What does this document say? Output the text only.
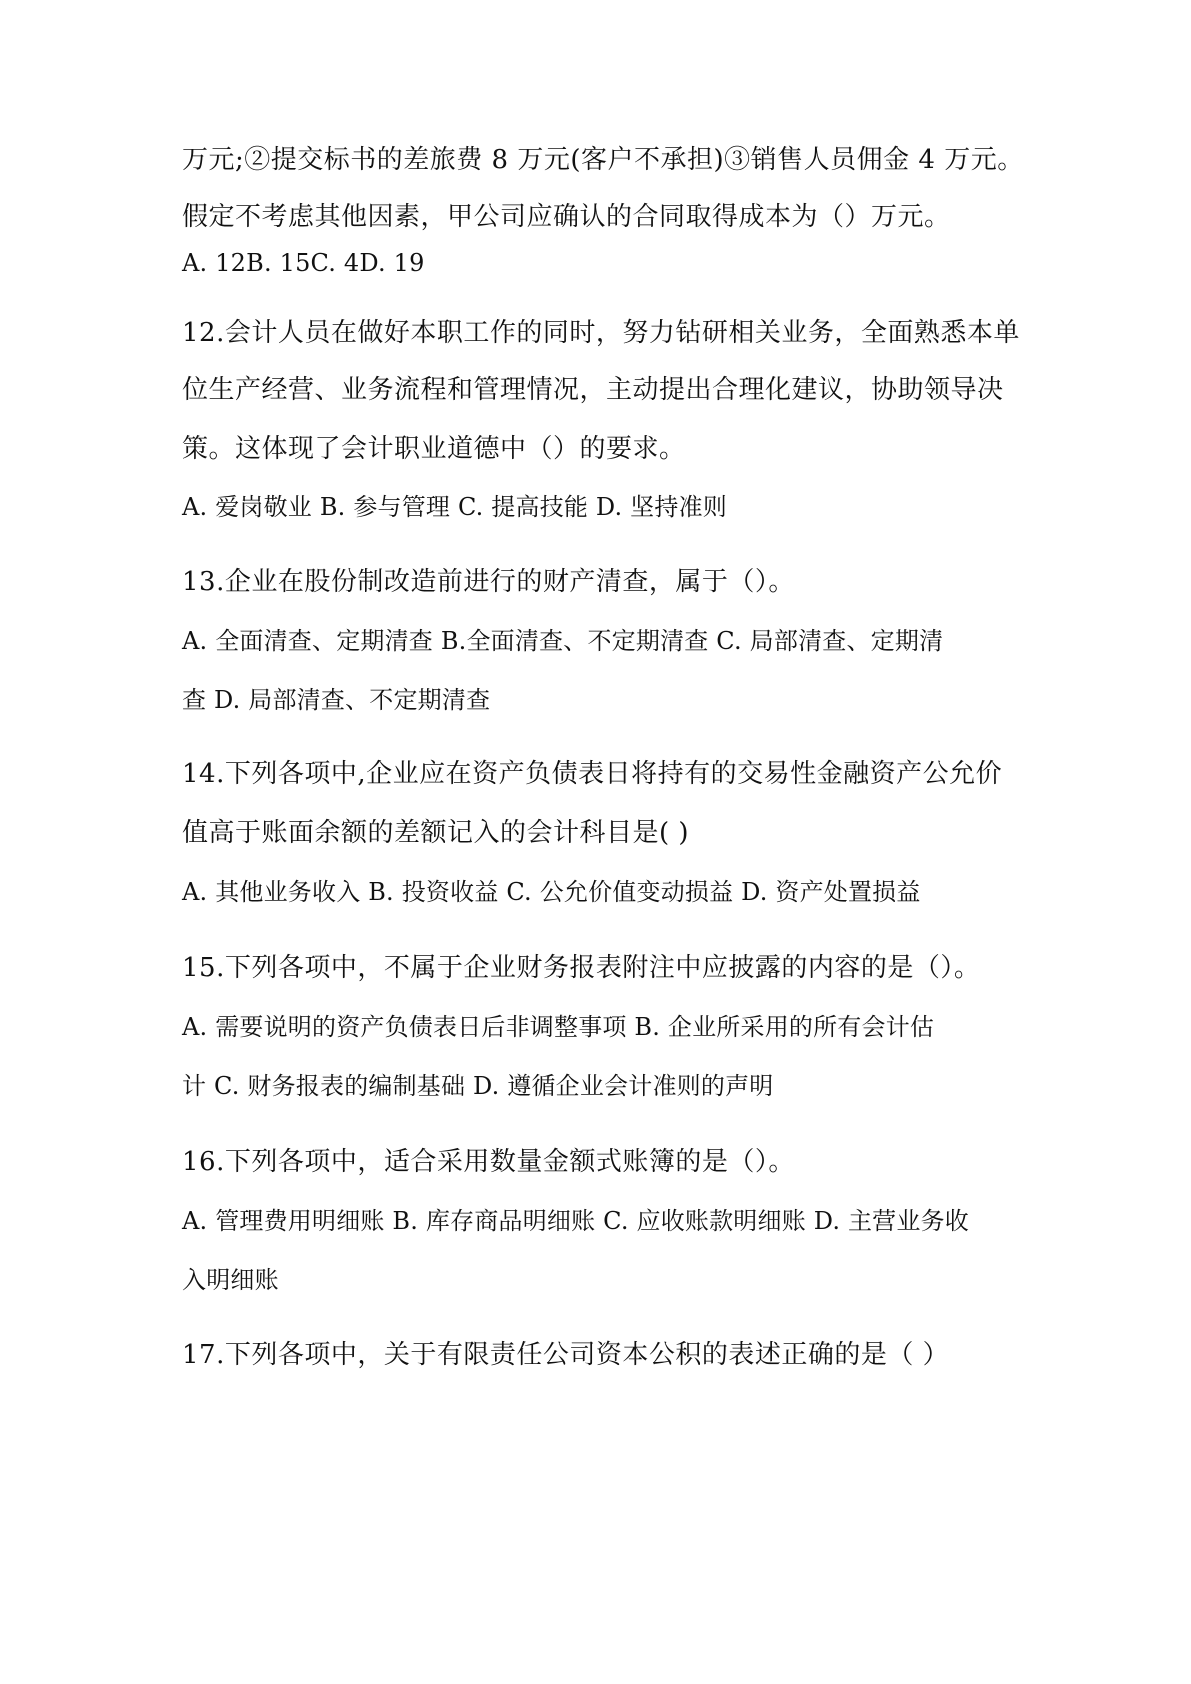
万元;②提交标书的差旅费 8 万元(客户不承担)③销售人员佣金 4 万元。
假定不考虑其他因素，甲公司应确认的合同取得成本为（）万元。
A. 12B. 15C. 4D. 19
12.会计人员在做好本职工作的同时，努力钻研相关业务，全面熟悉本单
位生产经营、业务流程和管理情况，主动提出合理化建议，协助领导决
策。这体现了会计职业道德中（）的要求。
A. 爱岗敬业 B. 参与管理 C. 提高技能 D. 坚持准则
13.企业在股份制改造前进行的财产清查，属于（）。
A. 全面清查、定期清查 B.全面清查、不定期清查 C. 局部清查、定期清
查 D. 局部清查、不定期清查
14.下列各项中,企业应在资产负债表日将持有的交易性金融资产公允价
值高于账面余额的差额记入的会计科目是( )
A. 其他业务收入 B. 投资收益 C. 公允价值变动损益 D. 资产处置损益
15.下列各项中，不属于企业财务报表附注中应披露的内容的是（）。
A. 需要说明的资产负债表日后非调整事项 B. 企业所采用的所有会计估
计 C. 财务报表的编制基础 D. 遵循企业会计准则的声明
16.下列各项中，适合采用数量金额式账簿的是（）。
A. 管理费用明细账 B. 库存商品明细账 C. 应收账款明细账 D. 主营业务收
入明细账
17.下列各项中，关于有限责任公司资本公积的表述正确的是（ ）
